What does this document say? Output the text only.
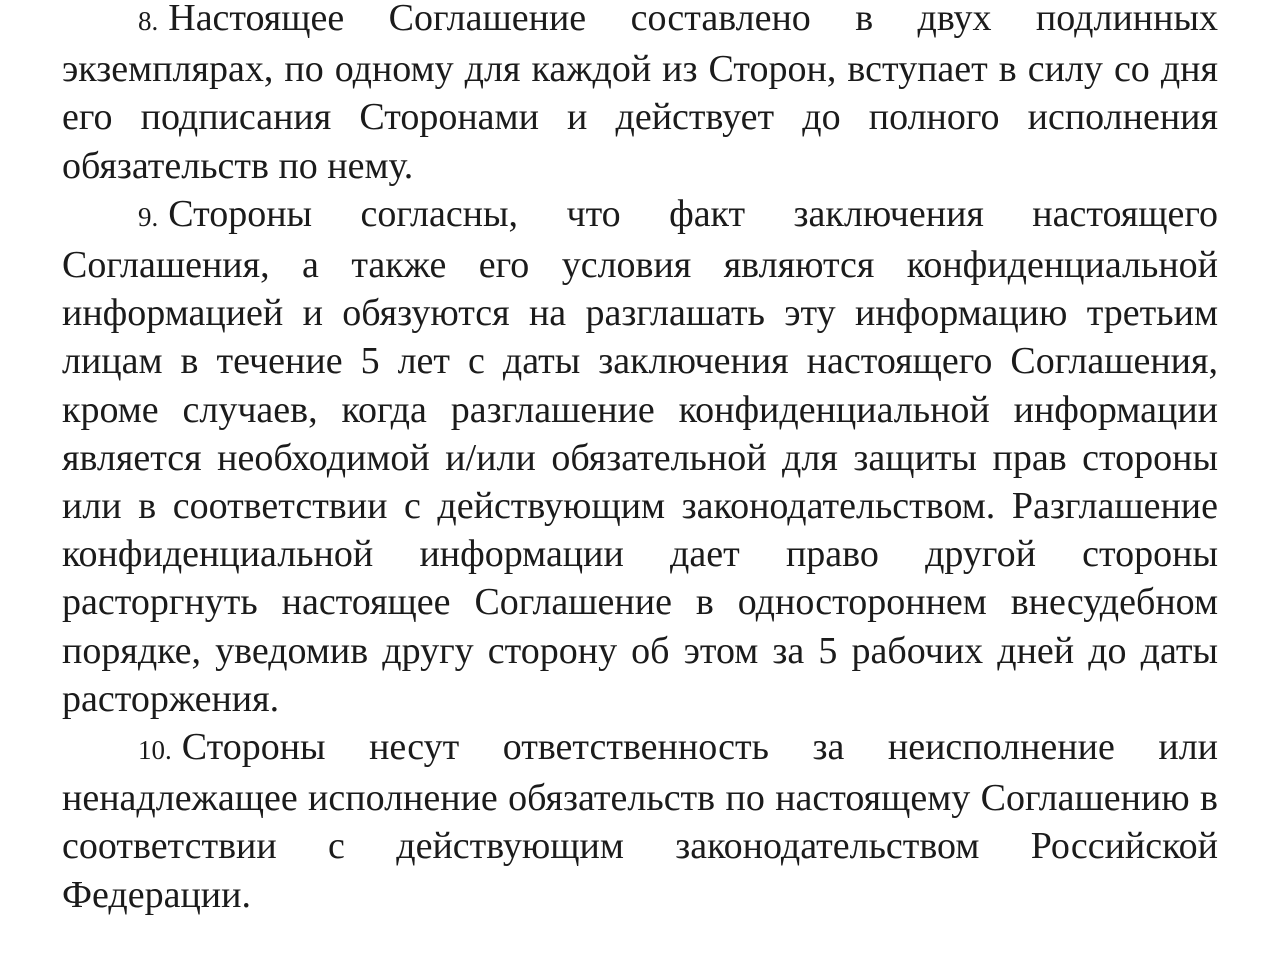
8. Настоящее Соглашение составлено в двух подлинных экземплярах, по одному для каждой из Сторон, вступает в силу со дня его подписания Сторонами и действует до полного исполнения обязательств по нему.

9. Стороны согласны, что факт заключения настоящего Соглашения, а также его условия являются конфиденциальной информацией и обязуются на разглашать эту информацию третьим лицам в течение 5 лет с даты заключения настоящего Соглашения, кроме случаев, когда разглашение конфиденциальной информации является необходимой и/или обязательной для защиты прав стороны или в соответствии с действующим законодательством. Разглашение конфиденциальной информации дает право другой стороны расторгнуть настоящее Соглашение в одностороннем внесудебном порядке, уведомив другу сторону об этом за 5 рабочих дней до даты расторжения.

10. Стороны несут ответственность за неисполнение или ненадлежащее исполнение обязательств по настоящему Соглашению в соответствии с действующим законодательством Российской Федерации.
